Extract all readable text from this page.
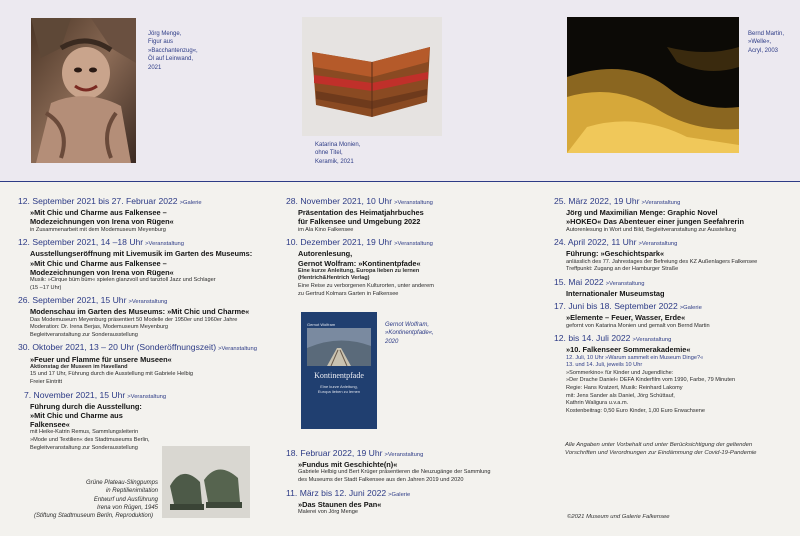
Jörg Menge,
Figur aus
»Bacchantenzug«,
Öl auf Leinwand,
2021
Katarina Monien,
ohne Titel,
Keramik, 2021
Bernd Martin,
»Welle«,
Acryl, 2003
12. September 2021 bis 27. Februar 2022 >Galerie
»Mit Chic und Charme aus Falkensee –
Modezeichnungen von Irena von Rügen«
in Zusammenarbeit mit dem Modemuseum Meyenburg
12. September 2021, 14 –18 Uhr >Veranstaltung
Ausstellungseröffnung mit Livemusik im Garten des Museums:
»Mit Chic und Charme aus Falkensee –
Modezeichnungen von Irena von Rügen«
Musik: »Cirque büm büm« spielen glanzvoll und tanztoll Jazz und Schlager
(15 –17 Uhr)
26. September 2021, 15 Uhr >Veranstaltung
Modenschau im Garten des Museums: »Mit Chic und Charme«
Das Modemuseum Meyenburg präsentiert 50 Modelle der 1950er und 1960er Jahre
Moderation: Dr. Irena Berjas, Modemuseum Meyenburg
Begleitveranstaltung zur Sonderausstellung
30. Oktober 2021, 13 – 20 Uhr (Sonderöffnungszeit) >Veranstaltung
»Feuer und Flamme für unsere Museen«
Aktionstag der Museen im Havelland
15 und 17 Uhr, Führung durch die Ausstellung mit Gabriele Helbig
Freier Eintritt
7. November 2021, 15 Uhr >Veranstaltung
Führung durch die Ausstellung:
»Mit Chic und Charme aus
Falkensee«
mit Heike-Katrin Remus, Sammlungsleiterin
»Mode und Textilien« des Stadtmuseums Berlin,
Begleitveranstaltung zur Sonderausstellung
Grüne Plateau-Slingpumps
in Reptilienimitation
Entwurf und Ausführung
Irena von Rügen, 1945
(Stiftung Stadtmuseum Berlin, Reproduktion)
28. November 2021, 10 Uhr >Veranstaltung
Präsentation des Heimatjahrbuches
für Falkensee und Umgebung 2022
im Ala Kino Falkensee
10. Dezember 2021, 19 Uhr >Veranstaltung
Autorenlesung,
Gernot Wolfram: »Kontinentpfade«
Eine kurze Anleitung, Europa lieben zu lernen (Hentrich&Hentrich Verlag)
Eine Reise zu verborgenen Kulturorten, unter anderem
zu Gertrud Kolmars Garten in Falkensee
Gernot Wolfram
Kontinentpfade
Eine kurze Anleitung,
Europa lieben zu lernen
Gernot Wolfram,
»Kontinentpfade«,
2020
18. Februar 2022, 19 Uhr >Veranstaltung
»Fundus mit Geschichte(n)«
Gabriele Helbig und Bert Krüger präsentieren die Neuzugänge der Sammlung
des Museums der Stadt Falkensee aus den Jahren 2019 und 2020
11. März bis 12. Juni 2022 >Galerie
»Das Staunen des Pan«
Malerei von Jörg Menge
25. März 2022, 19 Uhr >Veranstaltung
Jörg und Maximilian Menge: Graphic Novel
»HOKEO« Das Abenteuer einer jungen Seefahrerin
Autorenlesung in Wort und Bild, Begleitveranstaltung zur Ausstellung
24. April 2022, 11 Uhr >Veranstaltung
Führung: »Geschichtspark«
anlässlich des 77. Jahrestages der Befreiung des KZ Außenlagers Falkensee
Treffpunkt: Zugang an der Hamburger Straße
15. Mai 2022 >Veranstaltung
Internationaler Museumstag
17. Juni bis 18. September 2022 >Galerie
»Elemente – Feuer, Wasser, Erde«
gefornt von Katarina Monien und gemalt von Bernd Martin
12. bis 14. Juli 2022 >Veranstaltung
»10. Falkenseer Sommerakademie«
12. Juli, 10 Uhr »Warum sammelt ein Museum Dinge?«
13. und 14. Juli, jeweils 10 Uhr
»Sommerkino« für Kinder und Jugendliche:
»Der Drache Daniel« DEFA Kinderfilm vom 1990, Farbe, 79 Minuten
Regie: Hans Kratzert, Musik: Reinhard Lakomy
mit: Jens Sander als Daniel, Jörg Schüttauf,
Kathrin Waligura u.v.a.m.
Kostenbeitrag: 0,50 Euro Kinder, 1,00 Euro Erwachsene
Alle Angaben unter Vorbehalt und unter Berücksichtigung der geltenden
Vorschriften und Verordnungen zur Eindämmung der Covid-19-Pandemie
©2021 Museum und Galerie Falkensee
